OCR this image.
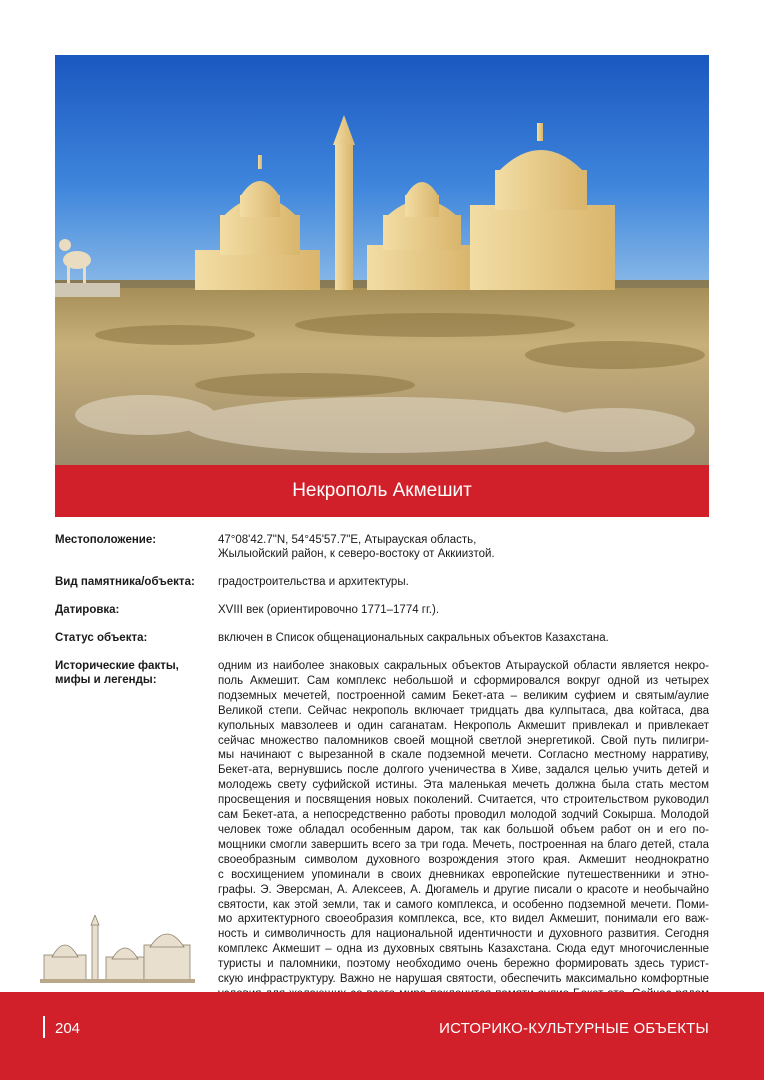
Некрополь Акмешит
Местоположение:	47°08'42.7"N, 54°45'57.7"E, Атырауская область,
Жылыойский район, к северо-востоку от Аккиизтой.
Вид памятника/объекта:	градостроительства и архитектуры.
Датировка:	XVIII век (ориентировочно 1771–1774 гг.).
Статус объекта:	включен в Список общенациональных сакральных объектов Казахстана.
Исторические факты,
мифы и легенды:
одним из наиболее знаковых сакральных объектов Атырауской области является некро-
поль Акмешит. Сам комплекс небольшой и сформировался вокруг одной из четырех
подземных мечетей, построенной самим Бекет-ата – великим суфием и святым/аулие
Великой степи. Сейчас некрополь включает тридцать два кулпытаса, два койтаса, два
купольных мавзолеев и один саганатам. Некрополь Акмешит привлекал и привлекает
сейчас множество паломников своей мощной светлой энергетикой. Свой путь пилигри-
мы начинают с вырезанной в скале подземной мечети. Согласно местному нарративу,
Бекет-ата, вернувшись после долгого ученичества в Хиве, задался целью учить детей и
молодежь свету суфийской истины. Эта маленькая мечеть должна была стать местом
просвещения и посвящения новых поколений. Считается, что строительством руководил
сам Бекет-ата, а непосредственно работы проводил молодой зодчий Сокырша. Молодой
человек тоже обладал особенным даром, так как большой объем работ он и его по-
мощники смогли завершить всего за три года. Мечеть, построенная на благо детей, стала
своеобразным символом духовного возрождения этого края. Акмешит неоднократно
с восхищением упоминали в своих дневниках европейские путешественники и этно-
графы. Э. Эверсман, А. Алексеев, А. Дюгамель и другие писали о красоте и необычайно
святости, как этой земли, так и самого комплекса, и особенно подземной мечети. Поми-
мо архитектурного своеобразия комплекса, все, кто видел Акмешит, понимали его важ-
ность и символичность для национальной идентичности и духовного развития. Сегодня
комплекс Акмешит – одна из духовных святынь Казахстана. Сюда едут многочисленные
туристы и паломники, поэтому необходимо очень бережно формировать здесь турист-
скую инфраструктуру. Важно не нарушая святости, обеспечить максимально комфортные
204	ИСТОРИКО-КУЛЬТУРНЫЕ ОБЪЕКТЫ
